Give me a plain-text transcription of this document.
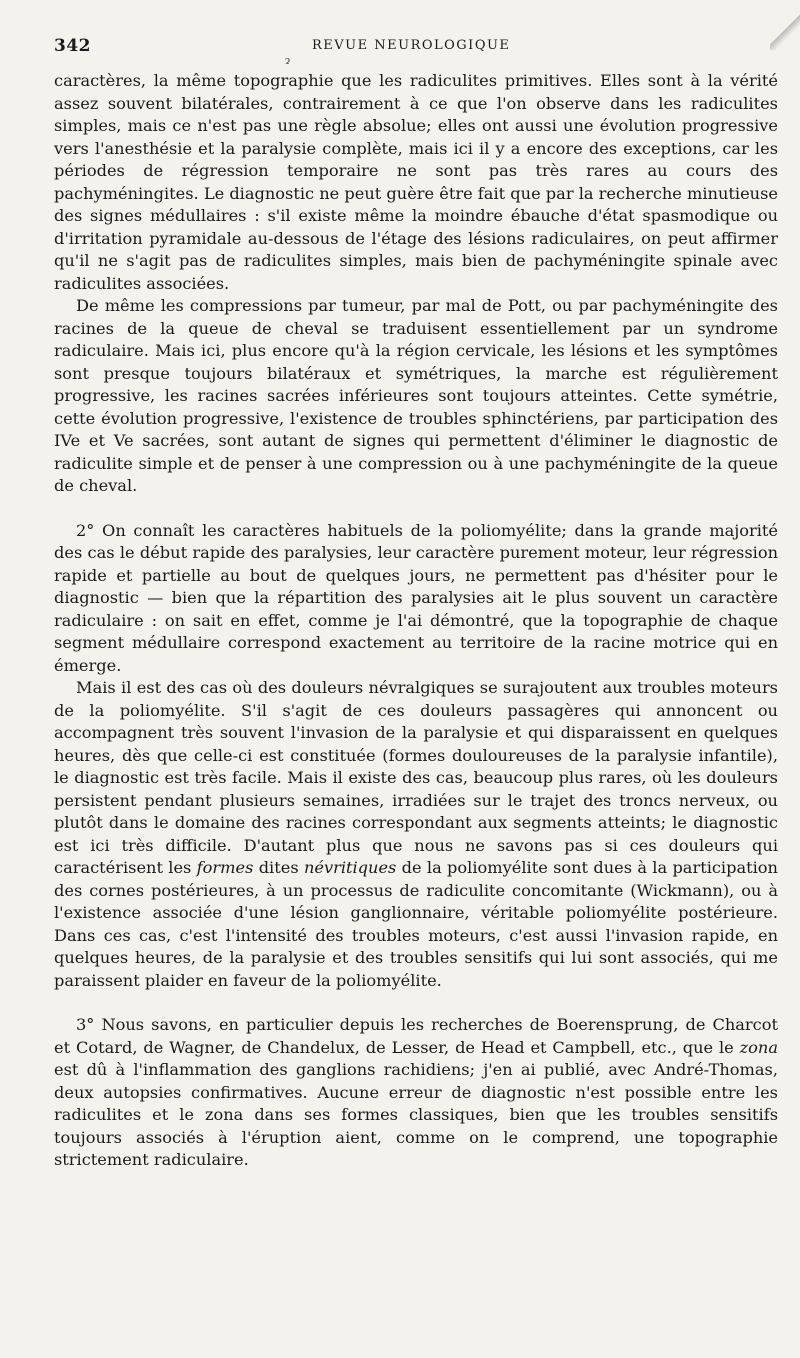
342
ɂ
REVUE NEUROLOGIQUE

caractères, la même topographie que les radiculites primitives. Elles sont à la vérité assez souvent bilatérales, contrairement à ce que l'on observe dans les radiculites simples, mais ce n'est pas une règle absolue; elles ont aussi une évolution progressive vers l'anesthésie et la paralysie complète, mais ici il y a encore des exceptions, car les périodes de régression temporaire ne sont pas très rares au cours des pachyméningites. Le diagnostic ne peut guère être fait que par la recherche minutieuse des signes médullaires : s'il existe même la moindre ébauche d'état spasmodique ou d'irritation pyramidale au-dessous de l'étage des lésions radiculaires, on peut affirmer qu'il ne s'agit pas de radiculites simples, mais bien de pachyméningite spinale avec radiculites associées.

De même les compressions par tumeur, par mal de Pott, ou par pachyméningite des racines de la queue de cheval se traduisent essentiellement par un syndrome radiculaire. Mais ici, plus encore qu'à la région cervicale, les lésions et les symptômes sont presque toujours bilatéraux et symétriques, la marche est régulièrement progressive, les racines sacrées inférieures sont toujours atteintes. Cette symétrie, cette évolution progressive, l'existence de troubles sphinctériens, par participation des IVe et Ve sacrées, sont autant de signes qui permettent d'éliminer le diagnostic de radiculite simple et de penser à une compression ou à une pachyméningite de la queue de cheval.

2° On connaît les caractères habituels de la poliomyélite; dans la grande majorité des cas le début rapide des paralysies, leur caractère purement moteur, leur régression rapide et partielle au bout de quelques jours, ne permettent pas d'hésiter pour le diagnostic — bien que la répartition des paralysies ait le plus souvent un caractère radiculaire : on sait en effet, comme je l'ai démontré, que la topographie de chaque segment médullaire correspond exactement au territoire de la racine motrice qui en émerge.

Mais il est des cas où des douleurs névralgiques se surajoutent aux troubles moteurs de la poliomyélite. S'il s'agit de ces douleurs passagères qui annoncent ou accompagnent très souvent l'invasion de la paralysie et qui disparaissent en quelques heures, dès que celle-ci est constituée (formes douloureuses de la paralysie infantile), le diagnostic est très facile. Mais il existe des cas, beaucoup plus rares, où les douleurs persistent pendant plusieurs semaines, irradiées sur le trajet des troncs nerveux, ou plutôt dans le domaine des racines correspondant aux segments atteints; le diagnostic est ici très difficile. D'autant plus que nous ne savons pas si ces douleurs qui caractérisent les formes dites névritiques de la poliomyélite sont dues à la participation des cornes postérieures, à un processus de radiculite concomitante (Wickmann), ou à l'existence associée d'une lésion ganglionnaire, véritable poliomyélite postérieure. Dans ces cas, c'est l'intensité des troubles moteurs, c'est aussi l'invasion rapide, en quelques heures, de la paralysie et des troubles sensitifs qui lui sont associés, qui me paraissent plaider en faveur de la poliomyélite.

3° Nous savons, en particulier depuis les recherches de Boerensprung, de Charcot et Cotard, de Wagner, de Chandelux, de Lesser, de Head et Campbell, etc., que le zona est dû à l'inflammation des ganglions rachidiens; j'en ai publié, avec André-Thomas, deux autopsies confirmatives. Aucune erreur de diagnostic n'est possible entre les radiculites et le zona dans ses formes classiques, bien que les troubles sensitifs toujours associés à l'éruption aient, comme on le comprend, une topographie strictement radiculaire.
